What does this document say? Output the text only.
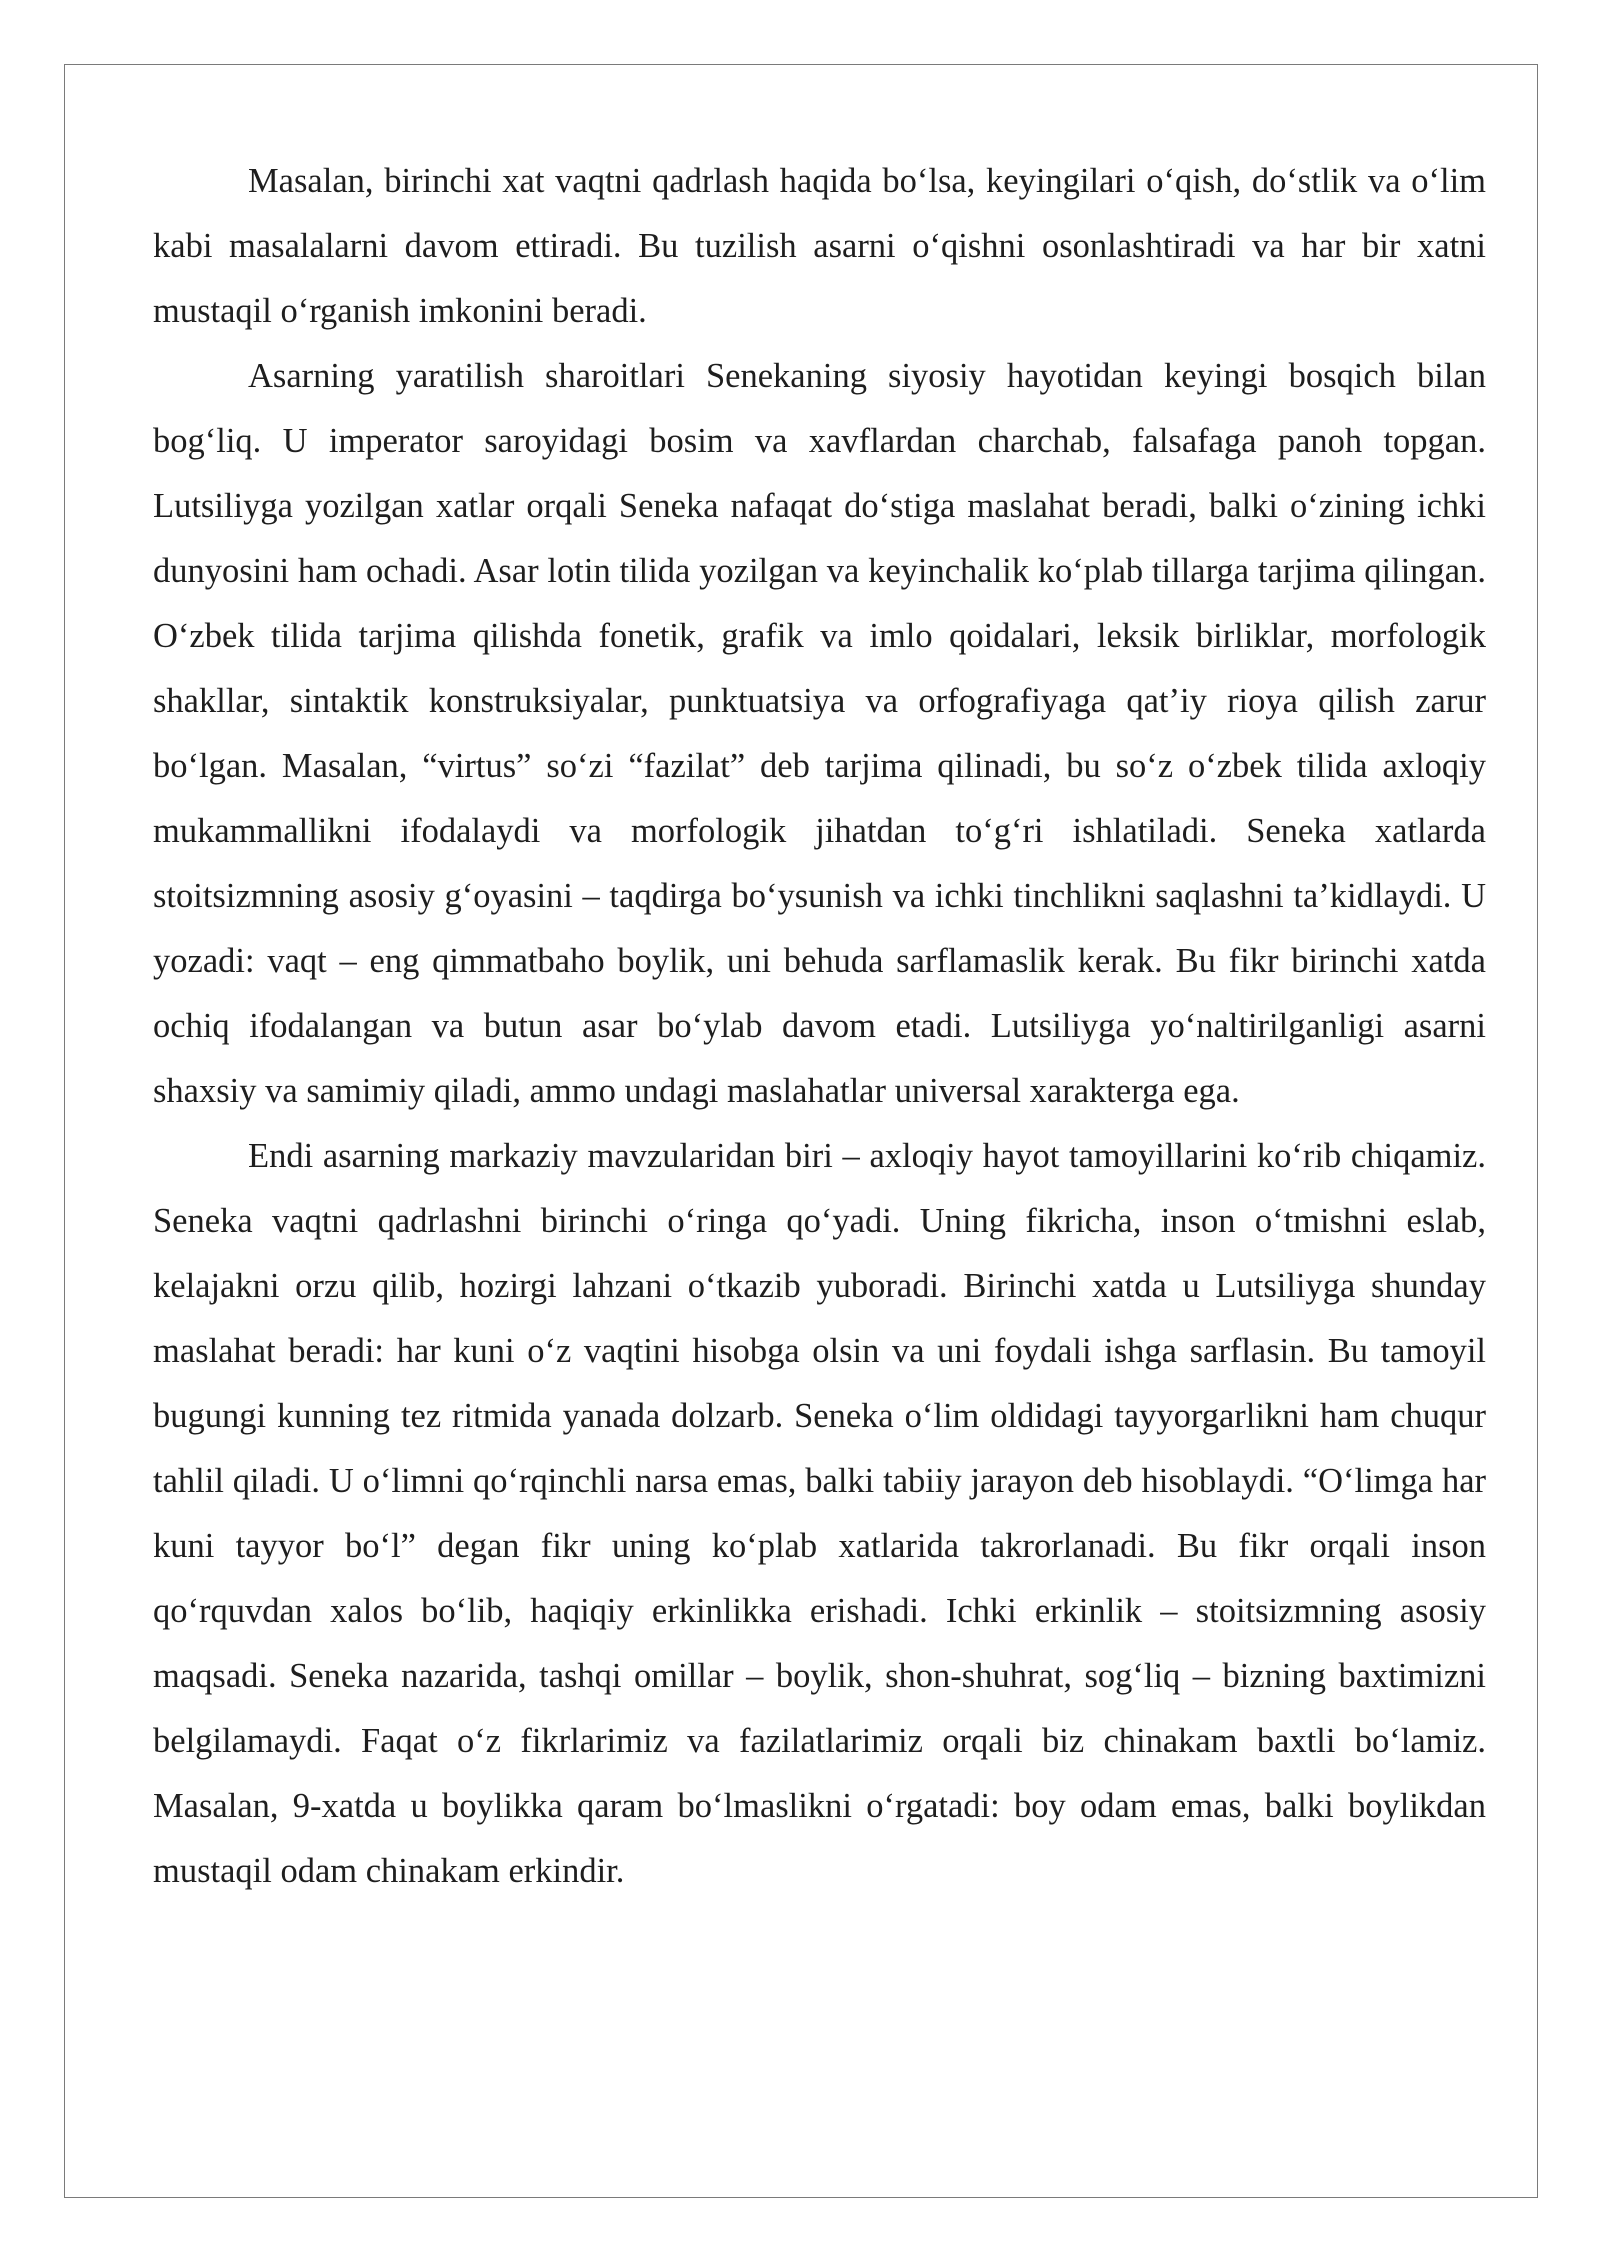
Masalan, birinchi xat vaqtni qadrlash haqida bo‘lsa, keyingilari o‘qish, do‘stlik va o‘lim kabi masalalarni davom ettiradi. Bu tuzilish asarni o‘qishni osonlashtiradi va har bir xatni mustaqil o‘rganish imkonini beradi.

Asarning yaratilish sharoitlari Senekaning siyosiy hayotidan keyingi bosqich bilan bog‘liq. U imperator saroyidagi bosim va xavflardan charchab, falsafaga panoh topgan. Lutsiliyga yozilgan xatlar orqali Seneka nafaqat do‘stiga maslahat beradi, balki o‘zining ichki dunyosini ham ochadi. Asar lotin tilida yozilgan va keyinchalik ko‘plab tillarga tarjima qilingan. O‘zbek tilida tarjima qilishda fonetik, grafik va imlo qoidalari, leksik birliklar, morfologik shakllar, sintaktik konstruksiyalar, punktuatsiya va orfografiyaga qat’iy rioya qilish zarur bo‘lgan. Masalan, “virtus” so‘zi “fazilat” deb tarjima qilinadi, bu so‘z o‘zbek tilida axloqiy mukammallikni ifodalaydi va morfologik jihatdan to‘g‘ri ishlatiladi. Seneka xatlarda stoitsizmning asosiy g‘oyasini – taqdirga bo‘ysunish va ichki tinchlikni saqlashni ta’kidlaydi. U yozadi: vaqt – eng qimmatbaho boylik, uni behuda sarflamaslik kerak. Bu fikr birinchi xatda ochiq ifodalangan va butun asar bo‘ylab davom etadi. Lutsiliyga yo‘naltirilganligi asarni shaxsiy va samimiy qiladi, ammo undagi maslahatlar universal xarakterga ega.

Endi asarning markaziy mavzularidan biri – axloqiy hayot tamoyillarini ko‘rib chiqamiz. Seneka vaqtni qadrlashni birinchi o‘ringa qo‘yadi. Uning fikricha, inson o‘tmishni eslab, kelajakni orzu qilib, hozirgi lahzani o‘tkazib yuboradi. Birinchi xatda u Lutsiliyga shunday maslahat beradi: har kuni o‘z vaqtini hisobga olsin va uni foydali ishga sarflasin. Bu tamoyil bugungi kunning tez ritmida yanada dolzarb. Seneka o‘lim oldidagi tayyorgarlikni ham chuqur tahlil qiladi. U o‘limni qo‘rqinchli narsa emas, balki tabiiy jarayon deb hisoblaydi. “O‘limga har kuni tayyor bo‘l” degan fikr uning ko‘plab xatlarida takrorlanadi. Bu fikr orqali inson qo‘rquvdan xalos bo‘lib, haqiqiy erkinlikka erishadi. Ichki erkinlik – stoitsizmning asosiy maqsadi. Seneka nazarida, tashqi omillar – boylik, shon-shuhrat, sog‘liq – bizning baxtimizni belgilamaydi. Faqat o‘z fikrlarimiz va fazilatlarimiz orqali biz chinakam baxtli bo‘lamiz. Masalan, 9-xatda u boylikka qaram bo‘lmaslikni o‘rgatadi: boy odam emas, balki boylikdan mustaqil odam chinakam erkindir.
